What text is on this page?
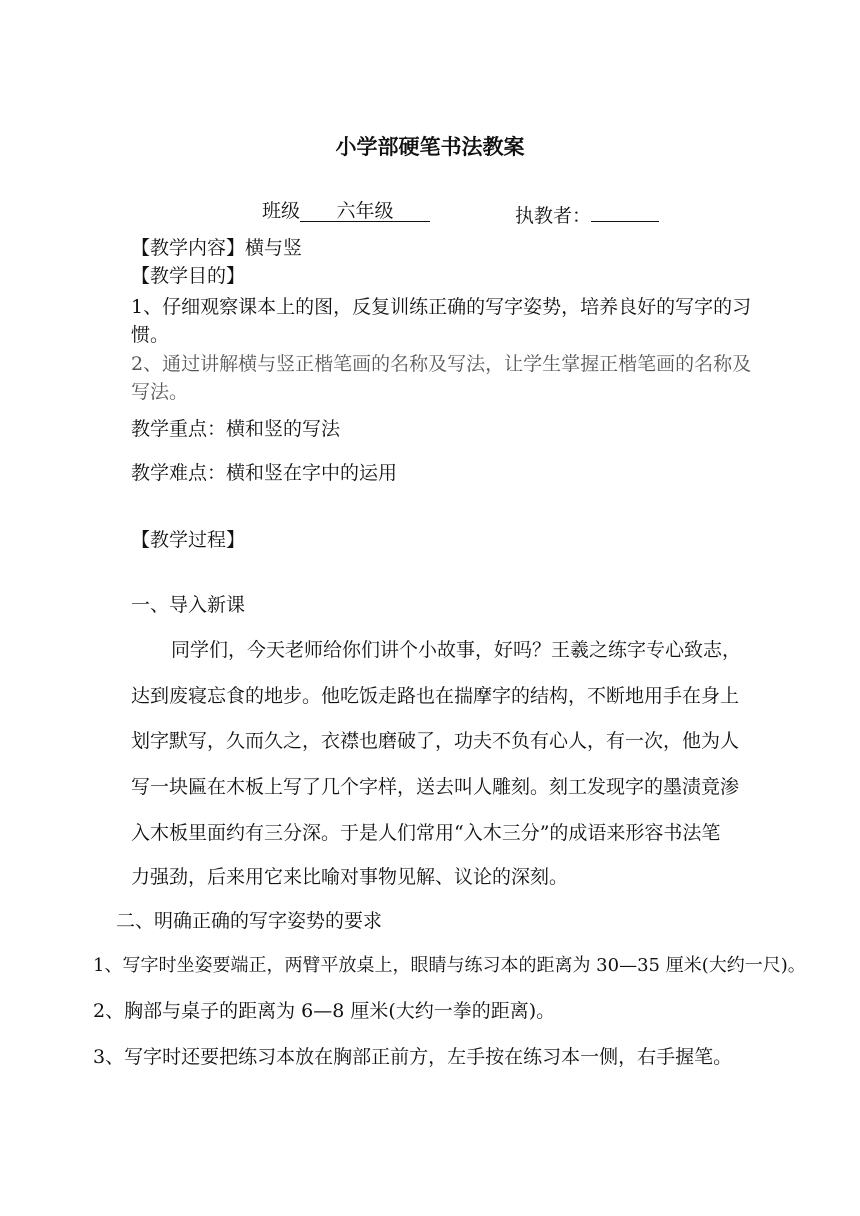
小学部硬笔书法教案
班级 六年级	执教者：
【教学内容】横与竖
【教学目的】
1、仔细观察课本上的图，反复训练正确的写字姿势，培养良好的写字的习
惯。
2、通过讲解横与竖正楷笔画的名称及写法，让学生掌握正楷笔画的名称及
写法。
教学重点：横和竖的写法
教学难点：横和竖在字中的运用
【教学过程】
一、导入新课
同学们，今天老师给你们讲个小故事，好吗？王羲之练字专心致志，
达到废寝忘食的地步。他吃饭走路也在揣摩字的结构，不断地用手在身上
划字默写，久而久之，衣襟也磨破了，功夫不负有心人，有一次，他为人
写一块匾在木板上写了几个字样，送去叫人雕刻。刻工发现字的墨渍竟渗
入木板里面约有三分深。于是人们常用“入木三分”的成语来形容书法笔
力强劲，后来用它来比喻对事物见解、议论的深刻。
二、明确正确的写字姿势的要求
1、写字时坐姿要端正，两臂平放桌上，眼睛与练习本的距离为 30—35 厘米(大约一尺)。
2、胸部与桌子的距离为 6—8 厘米(大约一拳的距离)。
3、写字时还要把练习本放在胸部正前方，左手按在练习本一侧，右手握笔。
